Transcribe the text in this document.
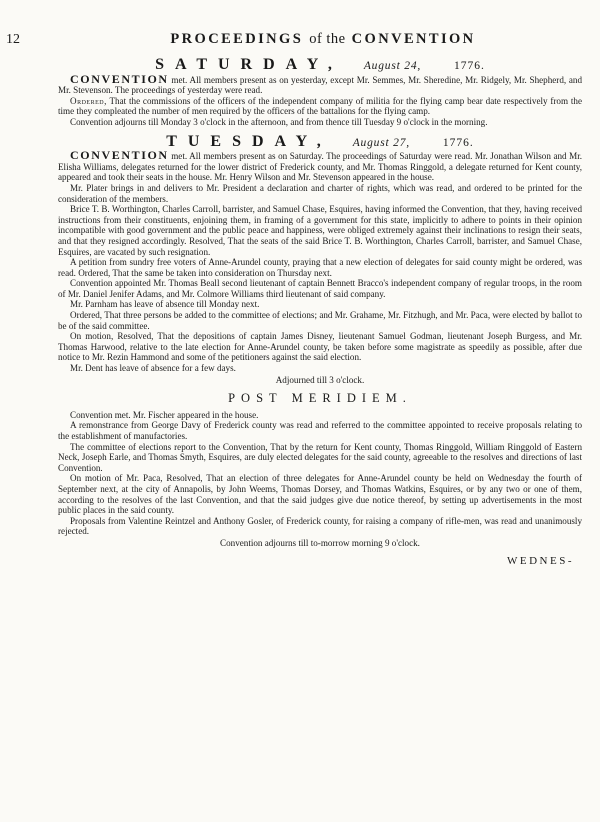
12	PROCEEDINGS of the CONVENTION
SATURDAY, August 24,	1776.

CONVENTION met. All members present as on yesterday, except Mr. Semmes, Mr. Sheredine, Mr. Ridgely, Mr. Shepherd, and Mr. Stevenson. The proceedings of yesterday were read.

Ordered, That the commissions of the officers of the independent company of militia for the flying camp bear date respectively from the time they compleated the number of men required by the officers of the battalions for the flying camp.

Convention adjourns till Monday 3 o'clock in the afternoon, and from thence till Tuesday 9 o'clock in the morning.

TUESDAY, August 27,	1776.

CONVENTION met. All members present as on Saturday. The proceedings of Saturday were read. Mr. Jonathan Wilson and Mr. Elisha Williams, delegates returned for the lower district of Frederick county, and Mr. Thomas Ringgold, a delegate returned for Kent county, appeared and took their seats in the house. Mr. Henry Wilson and Mr. Stevenson appeared in the house.

Mr. Plater brings in and delivers to Mr. President a declaration and charter of rights, which was read, and ordered to be printed for the consideration of the members.

Brice T. B. Worthington, Charles Carroll, barrister, and Samuel Chase, Esquires, having informed the Convention, that they, having received instructions from their constituents, enjoining them, in framing of a government for this state, implicitly to adhere to points in their opinion incompatible with good government and the public peace and happiness, were obliged extremely against their inclinations to resign their seats, and that they resigned accordingly. Resolved, That the seats of the said Brice T. B. Worthington, Charles Carroll, barrister, and Samuel Chase, Esquires, are vacated by such resignation.

A petition from sundry free voters of Anne-Arundel county, praying that a new election of delegates for said county might be ordered, was read. Ordered, That the same be taken into consideration on Thursday next.

Convention appointed Mr. Thomas Beall second lieutenant of captain Bennett Bracco's independent company of regular troops, in the room of Mr. Daniel Jenifer Adams, and Mr. Colmore Williams third lieutenant of said company.

Mr. Parnham has leave of absence till Monday next.

Ordered, That three persons be added to the committee of elections; and Mr. Grahame, Mr. Fitzhugh, and Mr. Paca, were elected by ballot to be of the said committee.

On motion, Resolved, That the depositions of captain James Disney, lieutenant Samuel Godman, lieutenant Joseph Burgess, and Mr. Thomas Harwood, relative to the late election for Anne-Arundel county, be taken before some magistrate as speedily as possible, after due notice to Mr. Rezin Hammond and some of the petitioners against the said election.

Mr. Dent has leave of absence for a few days.

Adjourned till 3 o'clock.

POST MERIDIEM.

Convention met. Mr. Fischer appeared in the house.

A remonstrance from George Davy of Frederick county was read and referred to the committee appointed to receive proposals relating to the establishment of manufactories.

The committee of elections report to the Convention, That by the return for Kent county, Thomas Ringgold, William Ringgold of Eastern Neck, Joseph Earle, and Thomas Smyth, Esquires, are duly elected delegates for the said county, agreeable to the resolves and directions of last Convention.

On motion of Mr. Paca, Resolved, That an election of three delegates for Anne-Arundel county be held on Wednesday the fourth of September next, at the city of Annapolis, by John Weems, Thomas Dorsey, and Thomas Watkins, Esquires, or by any two or one of them, according to the resolves of the last Convention, and that the said judges give due notice thereof, by setting up advertisements in the most public places in the said county.

Proposals from Valentine Reintzel and Anthony Gosler, of Frederick county, for raising a company of rifle-men, was read and unanimously rejected.

Convention adjourns till to-morrow morning 9 o'clock.

WEDNES-
